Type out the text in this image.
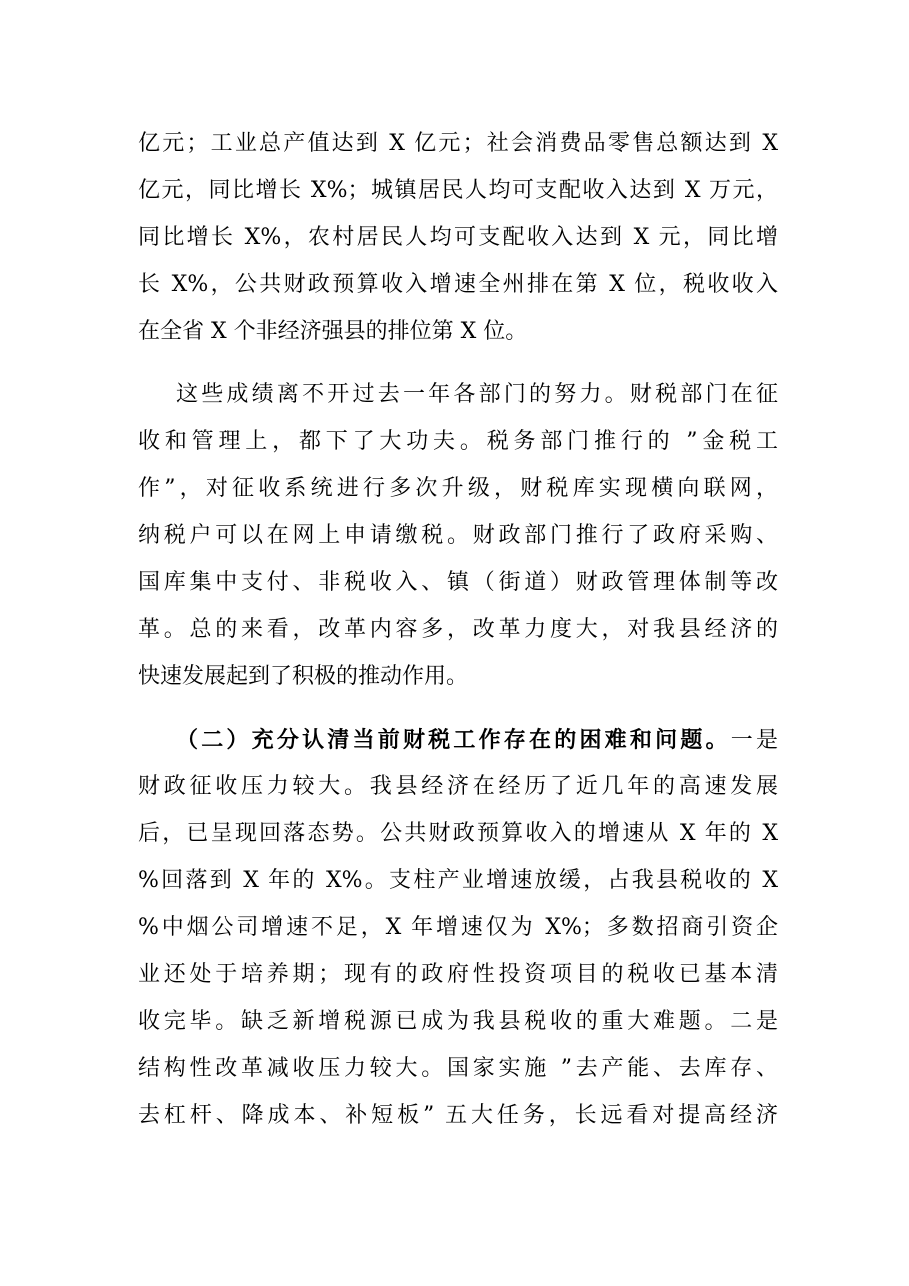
亿元；工业总产值达到 X 亿元；社会消费品零售总额达到 X
亿元，同比增长 X%；城镇居民人均可支配收入达到 X 万元，
同比增长 X%，农村居民人均可支配收入达到 X 元，同比增
长 X%，公共财政预算收入增速全州排在第 X 位，税收收入
在全省 X 个非经济强县的排位第 X 位。
这些成绩离不开过去一年各部门的努力。财税部门在征
收和管理上，都下了大功夫。税务部门推行的 ”金税工
作”，对征收系统进行多次升级，财税库实现横向联网，
纳税户可以在网上申请缴税。财政部门推行了政府采购、
国库集中支付、非税收入、镇（街道）财政管理体制等改
革。总的来看，改革内容多，改革力度大，对我县经济的
快速发展起到了积极的推动作用。
（二）充分认清当前财税工作存在的困难和问题。一是
财政征收压力较大。我县经济在经历了近几年的高速发展
后，已呈现回落态势。公共财政预算收入的增速从 X 年的 X
%回落到 X 年的 X%。支柱产业增速放缓，占我县税收的 X
%中烟公司增速不足，X 年增速仅为 X%；多数招商引资企
业还处于培养期；现有的政府性投资项目的税收已基本清
收完毕。缺乏新增税源已成为我县税收的重大难题。二是
结构性改革减收压力较大。国家实施 ”去产能、去库存、
去杠杆、降成本、补短板” 五大任务，长远看对提高经济
